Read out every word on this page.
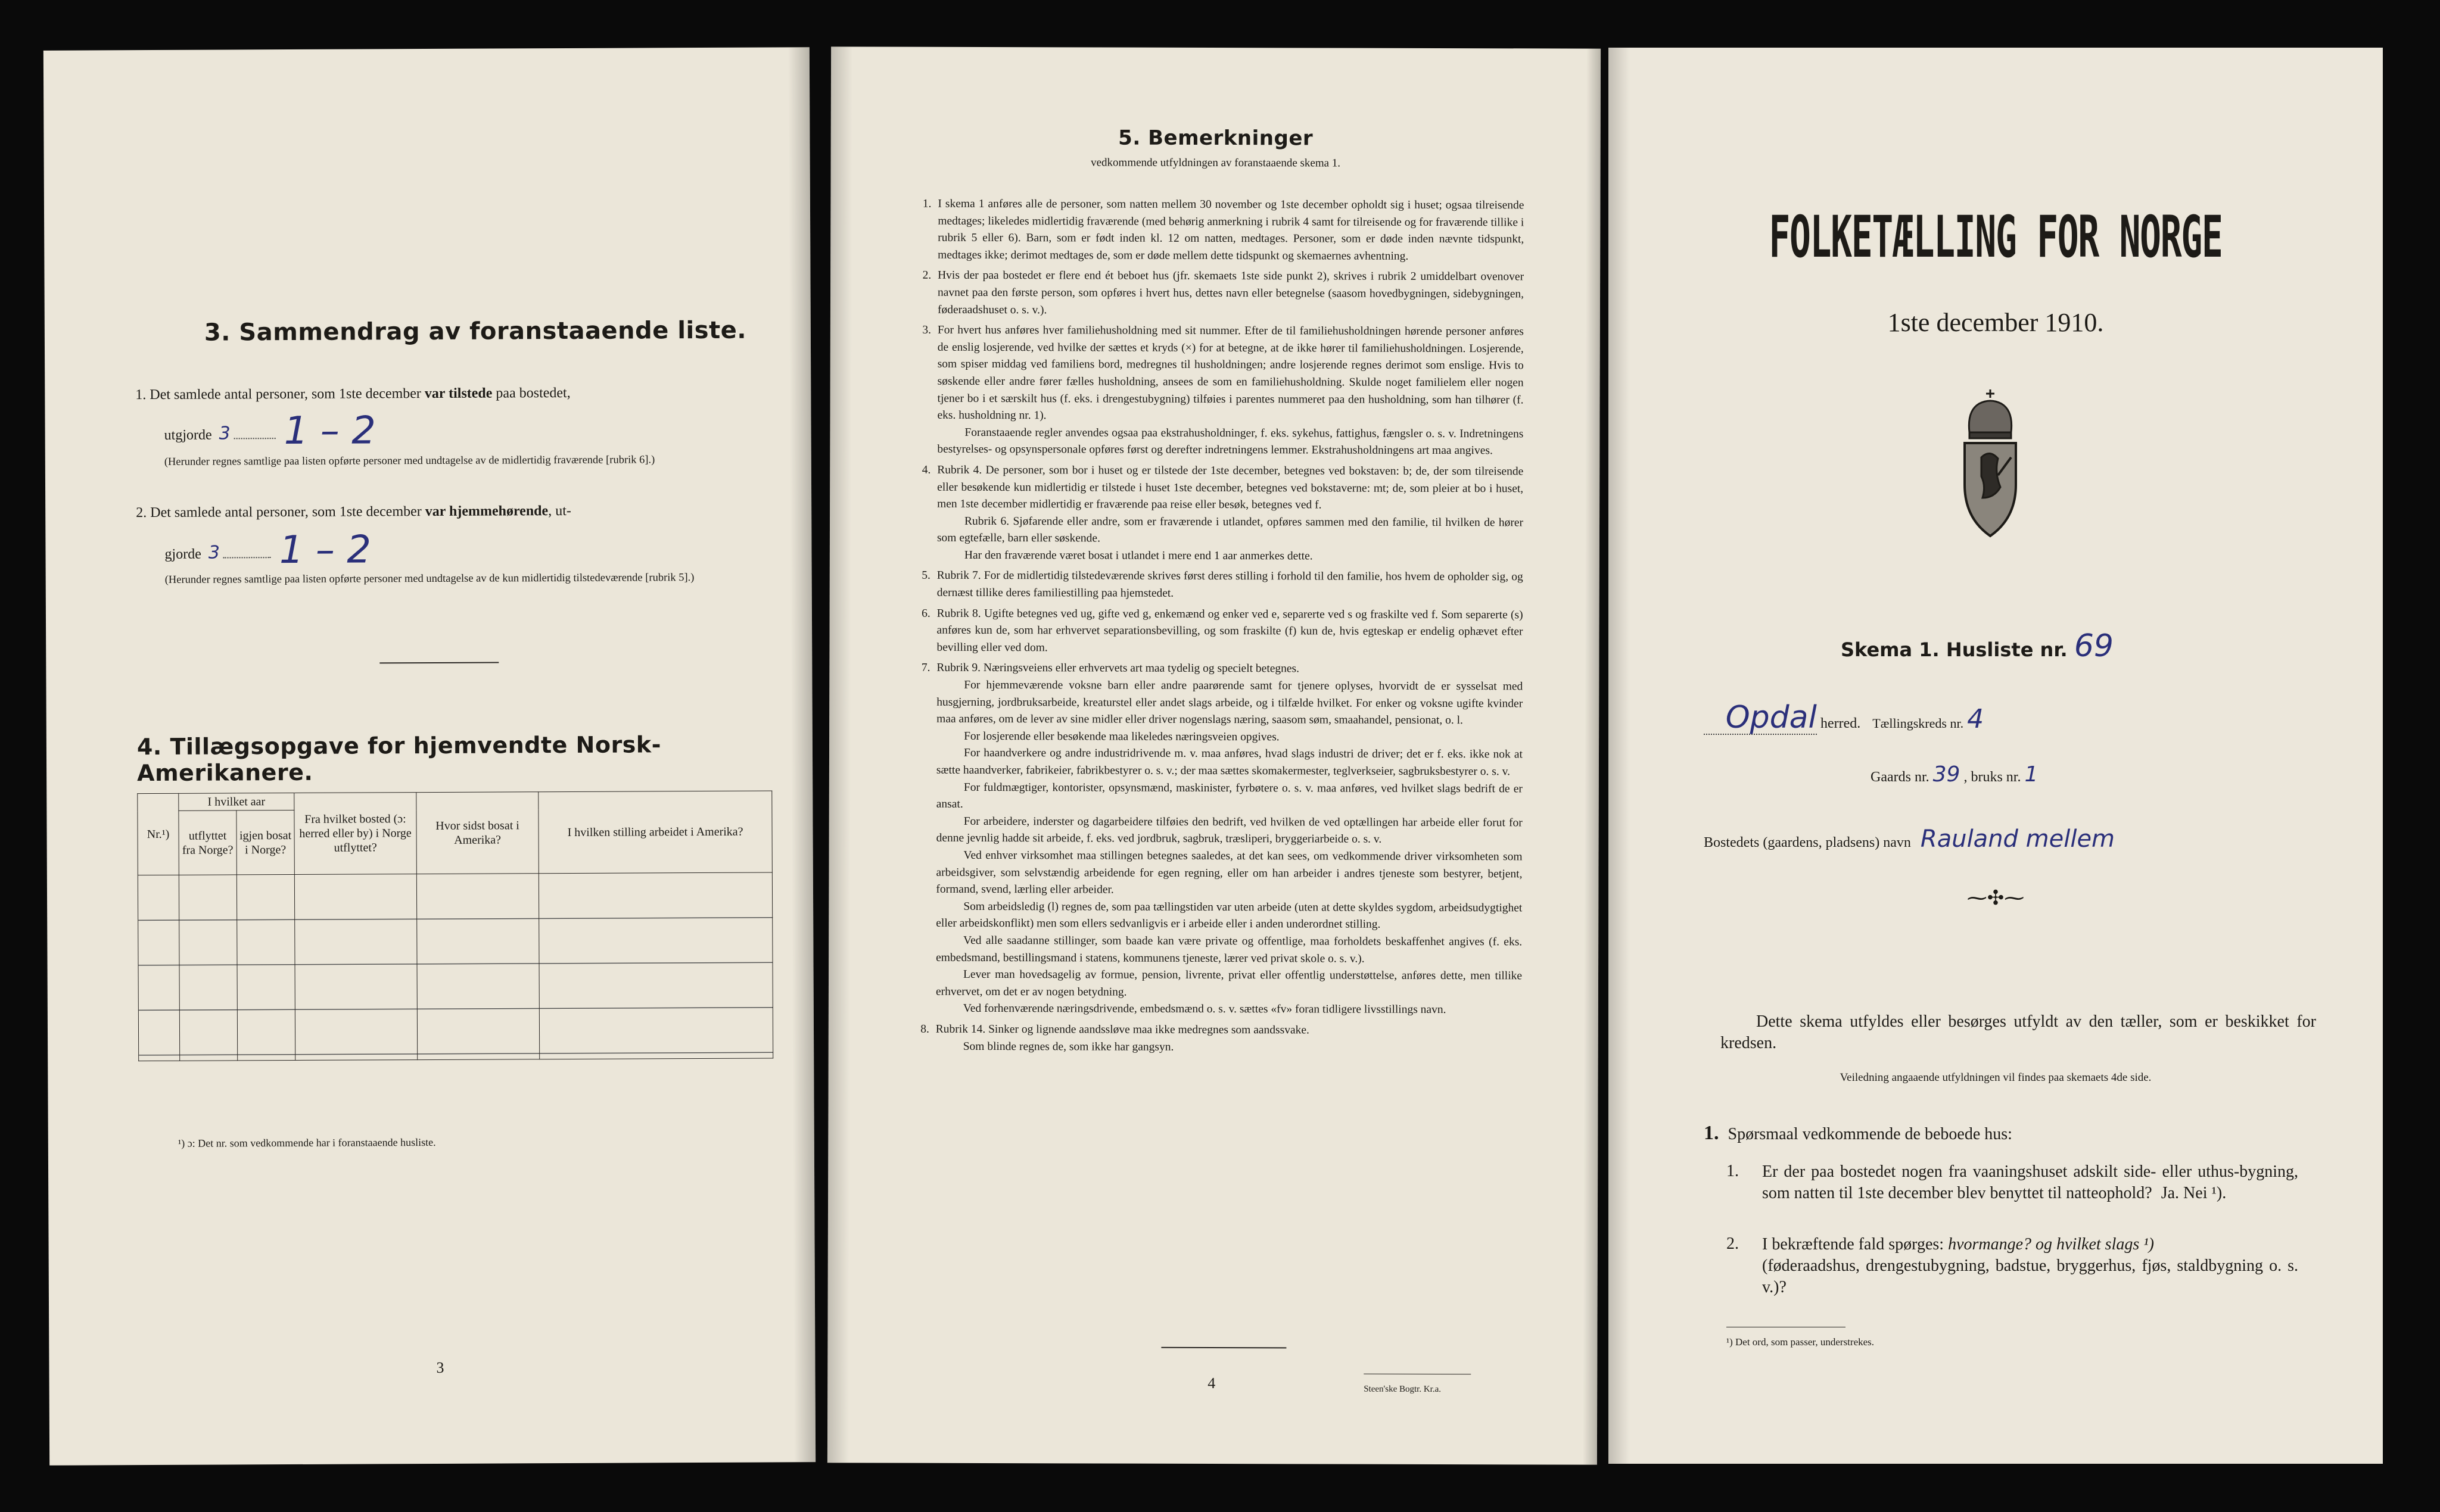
3. Sammendrag av foranstaaende liste.
1. Det samlede antal personer, som 1ste december var tilstede paa bostedet,
utgjorde 3 1 – 2
(Herunder regnes samtlige paa listen opførte personer med undtagelse av de midlertidig fraværende [rubrik 6].)
2. Det samlede antal personer, som 1ste december var hjemmehørende, ut-
gjorde 3 1 – 2
(Herunder regnes samtlige paa listen opførte personer med undtagelse av de kun midlertidig tilstedeværende [rubrik 5].)
4. Tillægsopgave for hjemvendte Norsk-Amerikanere.
Nr.¹)	I hvilket aar		Fra hvilket bosted (ɔ: herred eller by) i Norge utflyttet?	Hvor sidst bosat i Amerika?	I hvilken stilling arbeidet i Amerika?
	utflyttet fra Norge?	igjen bosat i Norge?			

¹) ɔ: Det nr. som vedkommende har i foranstaaende husliste.
3
5. Bemerkninger
vedkommende utfyldningen av foranstaaende skema 1.

1. I skema 1 anføres alle de personer, som natten mellem 30 november og 1ste december opholdt sig i huset; ogsaa tilreisende medtages; likeledes midlertidig fraværende (med behørig anmerkning i rubrik 4 samt for tilreisende og for fraværende tillike i rubrik 5 eller 6). Barn, som er født inden kl. 12 om natten, medtages. Personer, som er døde inden nævnte tidspunkt, medtages ikke; derimot medtages de, som er døde mellem dette tidspunkt og skemaernes avhentning.

2. Hvis der paa bostedet er flere end ét beboet hus (jfr. skemaets 1ste side punkt 2), skrives i rubrik 2 umiddelbart ovenover navnet paa den første person, som opføres i hvert hus, dettes navn eller betegnelse (saasom hovedbygningen, sidebygningen, føderaadshuset o. s. v.).

3. For hvert hus anføres hver familiehusholdning med sit nummer. Efter de til familiehusholdningen hørende personer anføres de enslig losjerende, ved hvilke der sættes et kryds (×) for at betegne, at de ikke hører til familiehusholdningen. Losjerende, som spiser middag ved familiens bord, medregnes til husholdningen; andre losjerende regnes derimot som enslige. Hvis to søskende eller andre fører fælles husholdning, ansees de som en familiehusholdning. Skulde noget familielem eller nogen tjener bo i et særskilt hus (f. eks. i drengestubygning) tilføies i parentes nummeret paa den husholdning, som han tilhører (f. eks. husholdning nr. 1).

Foranstaaende regler anvendes ogsaa paa ekstrahusholdninger, f. eks. sykehus, fattighus, fængsler o. s. v. Indretningens bestyrelses- og opsynspersonale opføres først og derefter indretningens lemmer. Ekstrahusholdningens art maa angives.

4. Rubrik 4. De personer, som bor i huset og er tilstede der 1ste december, betegnes ved bokstaven: b; de, der som tilreisende eller besøkende kun midlertidig er tilstede i huset 1ste december, betegnes ved bokstaverne: mt; de, som pleier at bo i huset, men 1ste december midlertidig er fraværende paa reise eller besøk, betegnes ved f.

Rubrik 6. Sjøfarende eller andre, som er fraværende i utlandet, opføres sammen med den familie, til hvilken de hører som egtefælle, barn eller søskende.

Har den fraværende været bosat i utlandet i mere end 1 aar anmerkes dette.

5. Rubrik 7. For de midlertidig tilstedeværende skrives først deres stilling i forhold til den familie, hos hvem de opholder sig, og dernæst tillike deres familiestilling paa hjemstedet.

6. Rubrik 8. Ugifte betegnes ved ug, gifte ved g, enkemænd og enker ved e, separerte ved s og fraskilte ved f. Som separerte (s) anføres kun de, som har erhvervet separationsbevilling, og som fraskilte (f) kun de, hvis egteskap er endelig ophævet efter bevilling eller ved dom.

7. Rubrik 9. Næringsveiens eller erhvervets art maa tydelig og specielt betegnes.

For hjemmeværende voksne barn eller andre paarørende samt for tjenere oplyses, hvorvidt de er sysselsat med husgjerning, jordbruksarbeide, kreaturstel eller andet slags arbeide, og i tilfælde hvilket. For enker og voksne ugifte kvinder maa anføres, om de lever av sine midler eller driver nogenslags næring, saasom søm, smaahandel, pensionat, o. l.

For losjerende eller besøkende maa likeledes næringsveien opgives.

For haandverkere og andre industridrivende m. v. maa anføres, hvad slags industri de driver; det er f. eks. ikke nok at sætte haandverker, fabrikeier, fabrikbestyrer o. s. v.; der maa sættes skomakermester, teglverkseier, sagbruksbestyrer o. s. v.

For fuldmægtiger, kontorister, opsynsmænd, maskinister, fyrbøtere o. s. v. maa anføres, ved hvilket slags bedrift de er ansat.

For arbeidere, inderster og dagarbeidere tilføies den bedrift, ved hvilken de ved optællingen har arbeide eller forut for denne jevnlig hadde sit arbeide, f. eks. ved jordbruk, sagbruk, træsliperi, bryggeriarbeide o. s. v.

Ved enhver virksomhet maa stillingen betegnes saaledes, at det kan sees, om vedkommende driver virksomheten som arbeidsgiver, som selvstændig arbeidende for egen regning, eller om han arbeider i andres tjeneste som bestyrer, betjent, formand, svend, lærling eller arbeider.

Som arbeidsledig (l) regnes de, som paa tællingstiden var uten arbeide (uten at dette skyldes sygdom, arbeidsudygtighet eller arbeidskonflikt) men som ellers sedvanligvis er i arbeide eller i anden underordnet stilling.

Ved alle saadanne stillinger, som baade kan være private og offentlige, maa forholdets beskaffenhet angives (f. eks. embedsmand, bestillingsmand i statens, kommunens tjeneste, lærer ved privat skole o. s. v.).

Lever man hovedsagelig av formue, pension, livrente, privat eller offentlig understøttelse, anføres dette, men tillike erhvervet, om det er av nogen betydning.

Ved forhenværende næringsdrivende, embedsmænd o. s. v. sættes «fv» foran tidligere livsstillings navn.

8. Rubrik 14. Sinker og lignende aandssløve maa ikke medregnes som aandssvake.

Som blinde regnes de, som ikke har gangsyn.

4	Steen'ske Bogtr. Kr.a.
FOLKETÆLLING FOR NORGE
1ste december 1910.
Skema 1. Husliste nr. 69
Opdal herred. Tællingskreds nr. 4
Gaards nr. 39 , bruks nr. 1
Bostedets (gaardens, pladsens) navn Rauland mellem
⁓✣⁓
Dette skema utfyldes eller besørges utfyldt av den tæller, som er beskikket for kredsen.
Veiledning angaaende utfyldningen vil findes paa skemaets 4de side.
1. Spørsmaal vedkommende de beboede hus:
1.	Er der paa bostedet nogen fra vaaningshuset adskilt side- eller uthus-bygning, som natten til 1ste december blev benyttet til natteophold? Ja. Nei ¹).
2.	I bekræftende fald spørges: hvormange? og hvilket slags ¹)
(føderaadshus, drengestubygning, badstue, bryggerhus, fjøs, staldbygning o. s. v.)?
¹) Det ord, som passer, understrekes.
